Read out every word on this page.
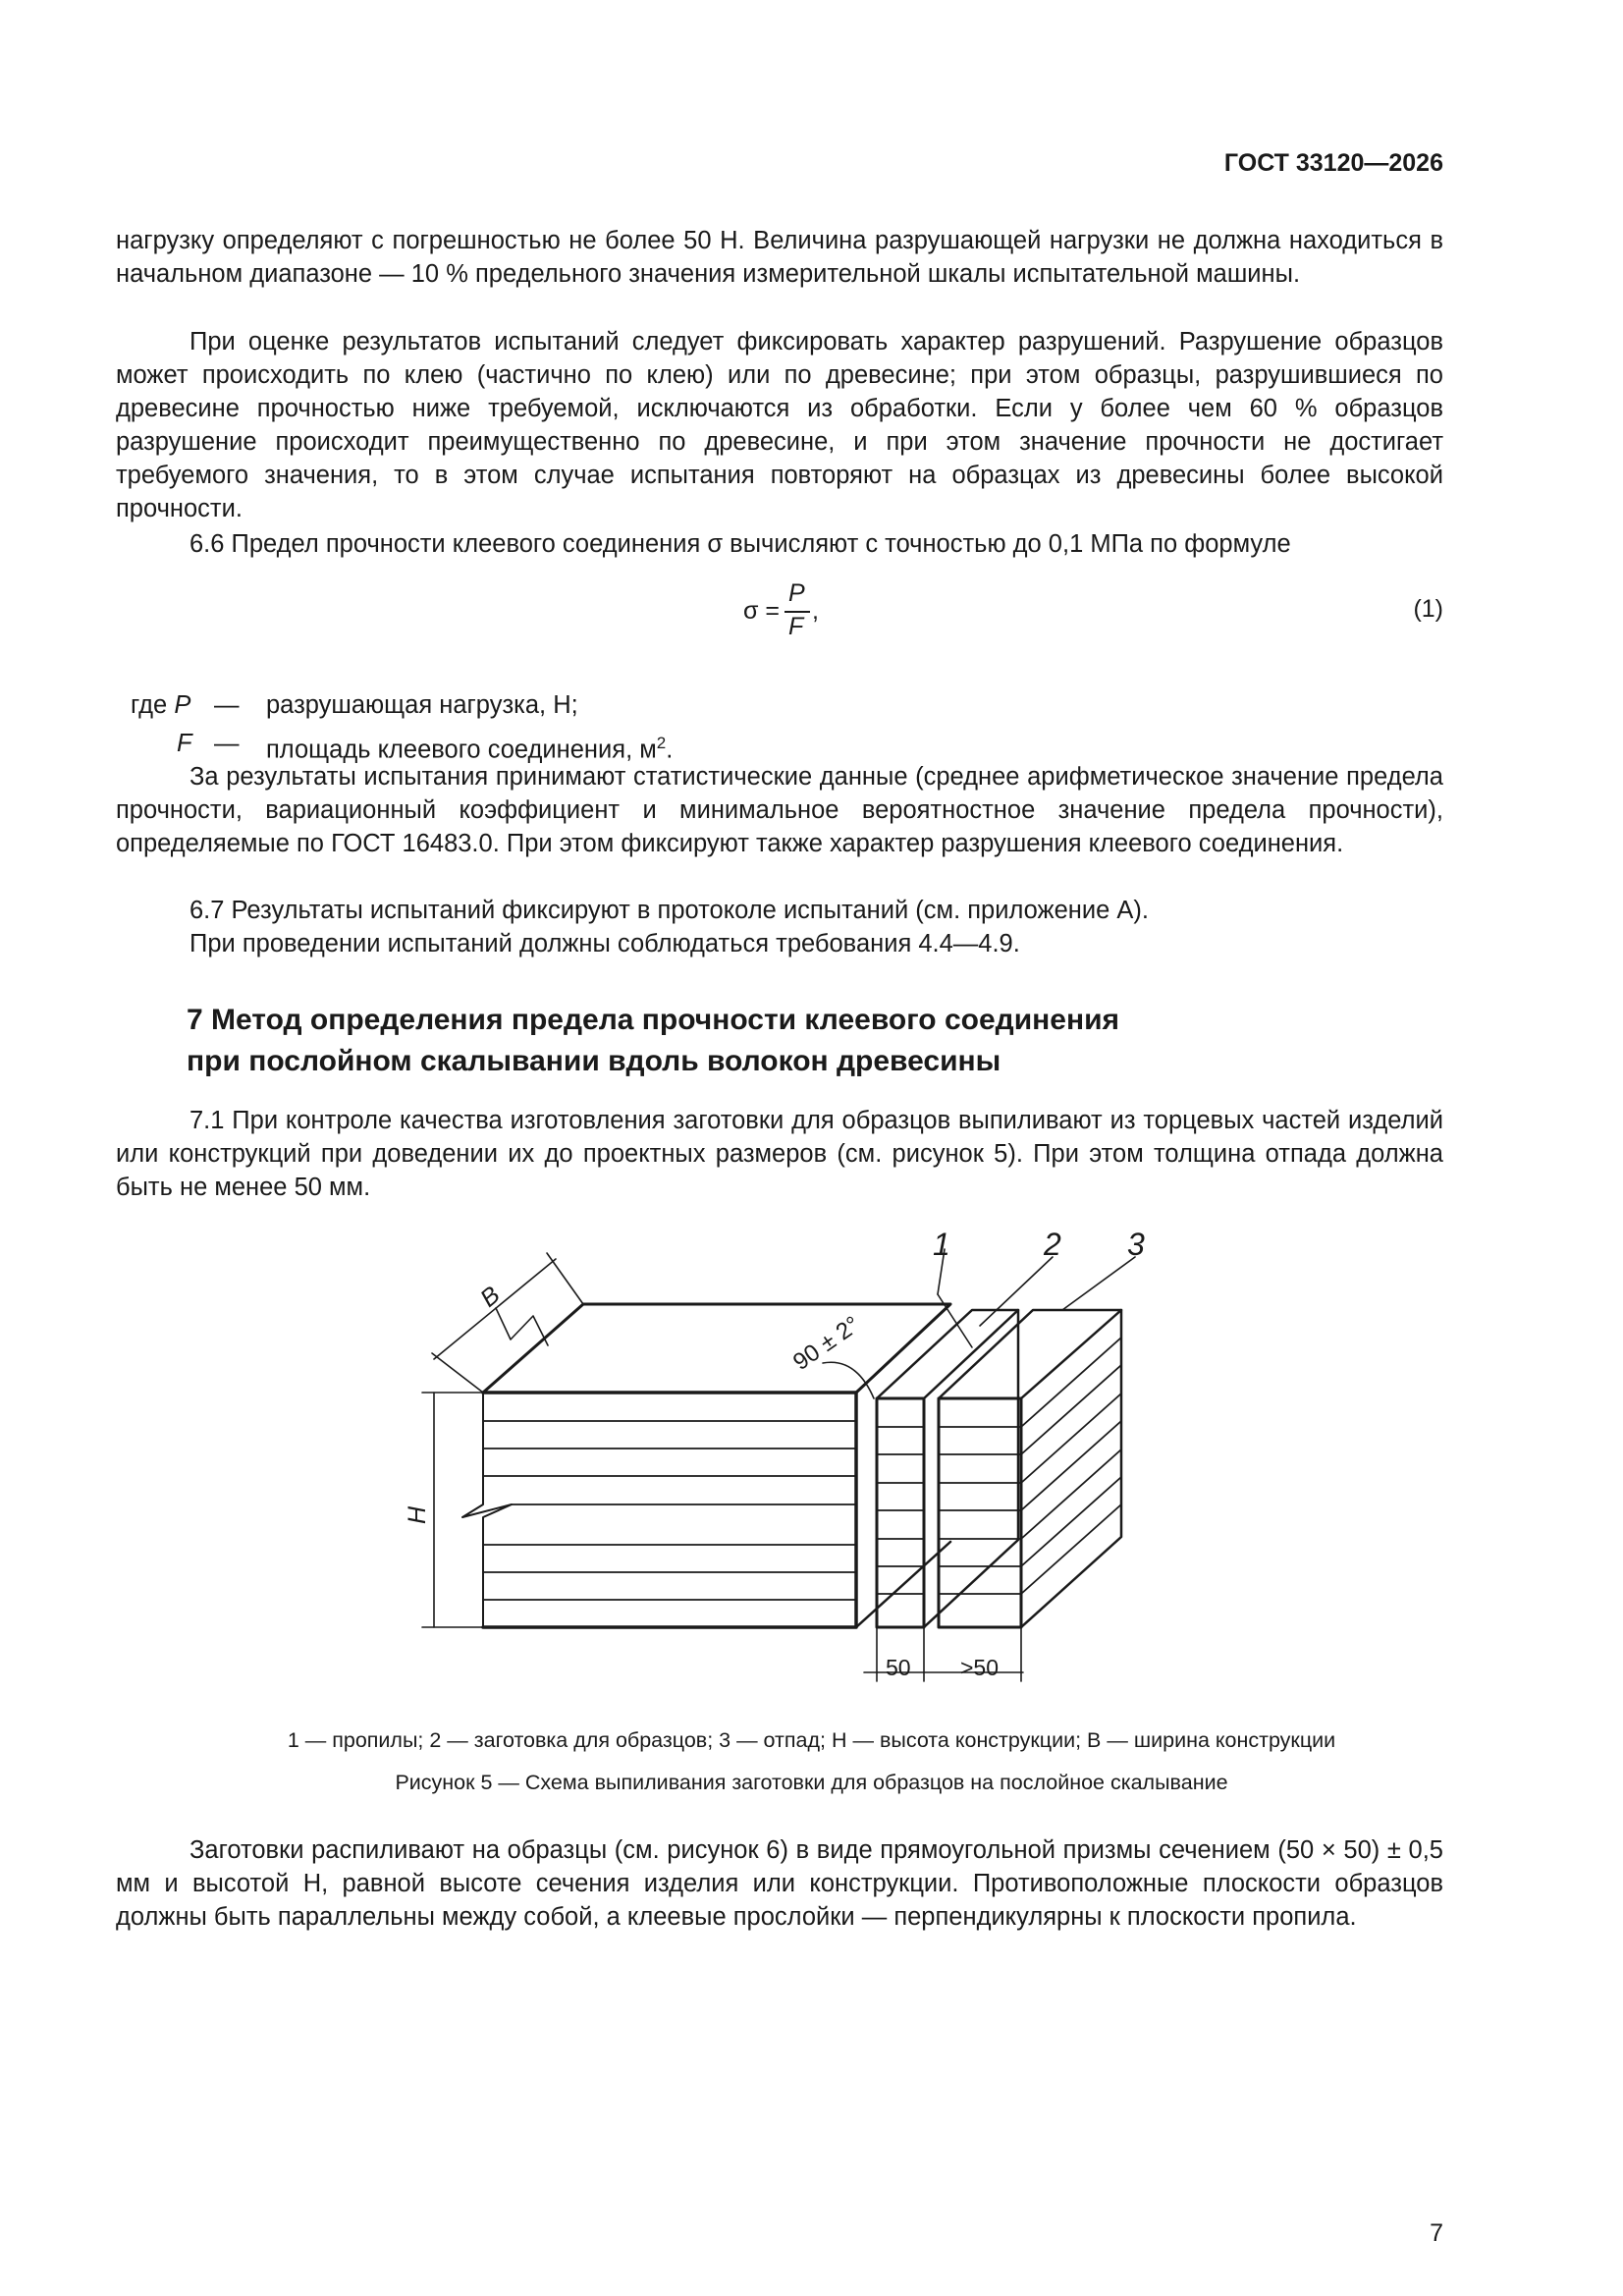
ГОСТ 33120—2026
нагрузку определяют с погрешностью не более 50 Н. Величина разрушающей нагрузки не должна находиться в начальном диапазоне — 10 % предельного значения измерительной шкалы испытательной машины.
При оценке результатов испытаний следует фиксировать характер разрушений. Разрушение образцов может происходить по клею (частично по клею) или по древесине; при этом образцы, разрушившиеся по древесине прочностью ниже требуемой, исключаются из обработки. Если у более чем 60 % образцов разрушение происходит преимущественно по древесине, и при этом значение прочности не достигает требуемого значения, то в этом случае испытания повторяют на образцах из древесины более высокой прочности.
6.6 Предел прочности клеевого соединения σ вычисляют с точностью до 0,1 МПа по формуле
σ =
P
F
,	(1)
где P — разрушающая нагрузка, Н;
F — площадь клеевого соединения, $м^2$.
За результаты испытания принимают статистические данные (среднее арифметическое значение предела прочности, вариационный коэффициент и минимальное вероятностное значение предела прочности), определяемые по ГОСТ 16483.0. При этом фиксируют также характер разрушения клеевого соединения.
6.7 Результаты испытаний фиксируют в протоколе испытаний (см. приложение А).
При проведении испытаний должны соблюдаться требования 4.4—4.9.
7 Метод определения предела прочности клеевого соединения
при послойном скалывании вдоль волокон древесины
7.1 При контроле качества изготовления заготовки для образцов выпиливают из торцевых частей изделий или конструкций при доведении их до проектных размеров (см. рисунок 5). При этом толщина отпада должна быть не менее 50 мм.
1	2 3
B
H
90 ± 2°
50 >50
1 — пропилы; 2 — заготовка для образцов; 3 — отпад; H — высота конструкции; B — ширина конструкции
Рисунок 5 — Схема выпиливания заготовки для образцов на послойное скалывание
Заготовки распиливают на образцы (см. рисунок 6) в виде прямоугольной призмы сечением (50 × 50) ± 0,5 мм и высотой H, равной высоте сечения изделия или конструкции. Противоположные плоскости образцов должны быть параллельны между собой, а клеевые прослойки — перпендикулярны к плоскости пропила.
7
